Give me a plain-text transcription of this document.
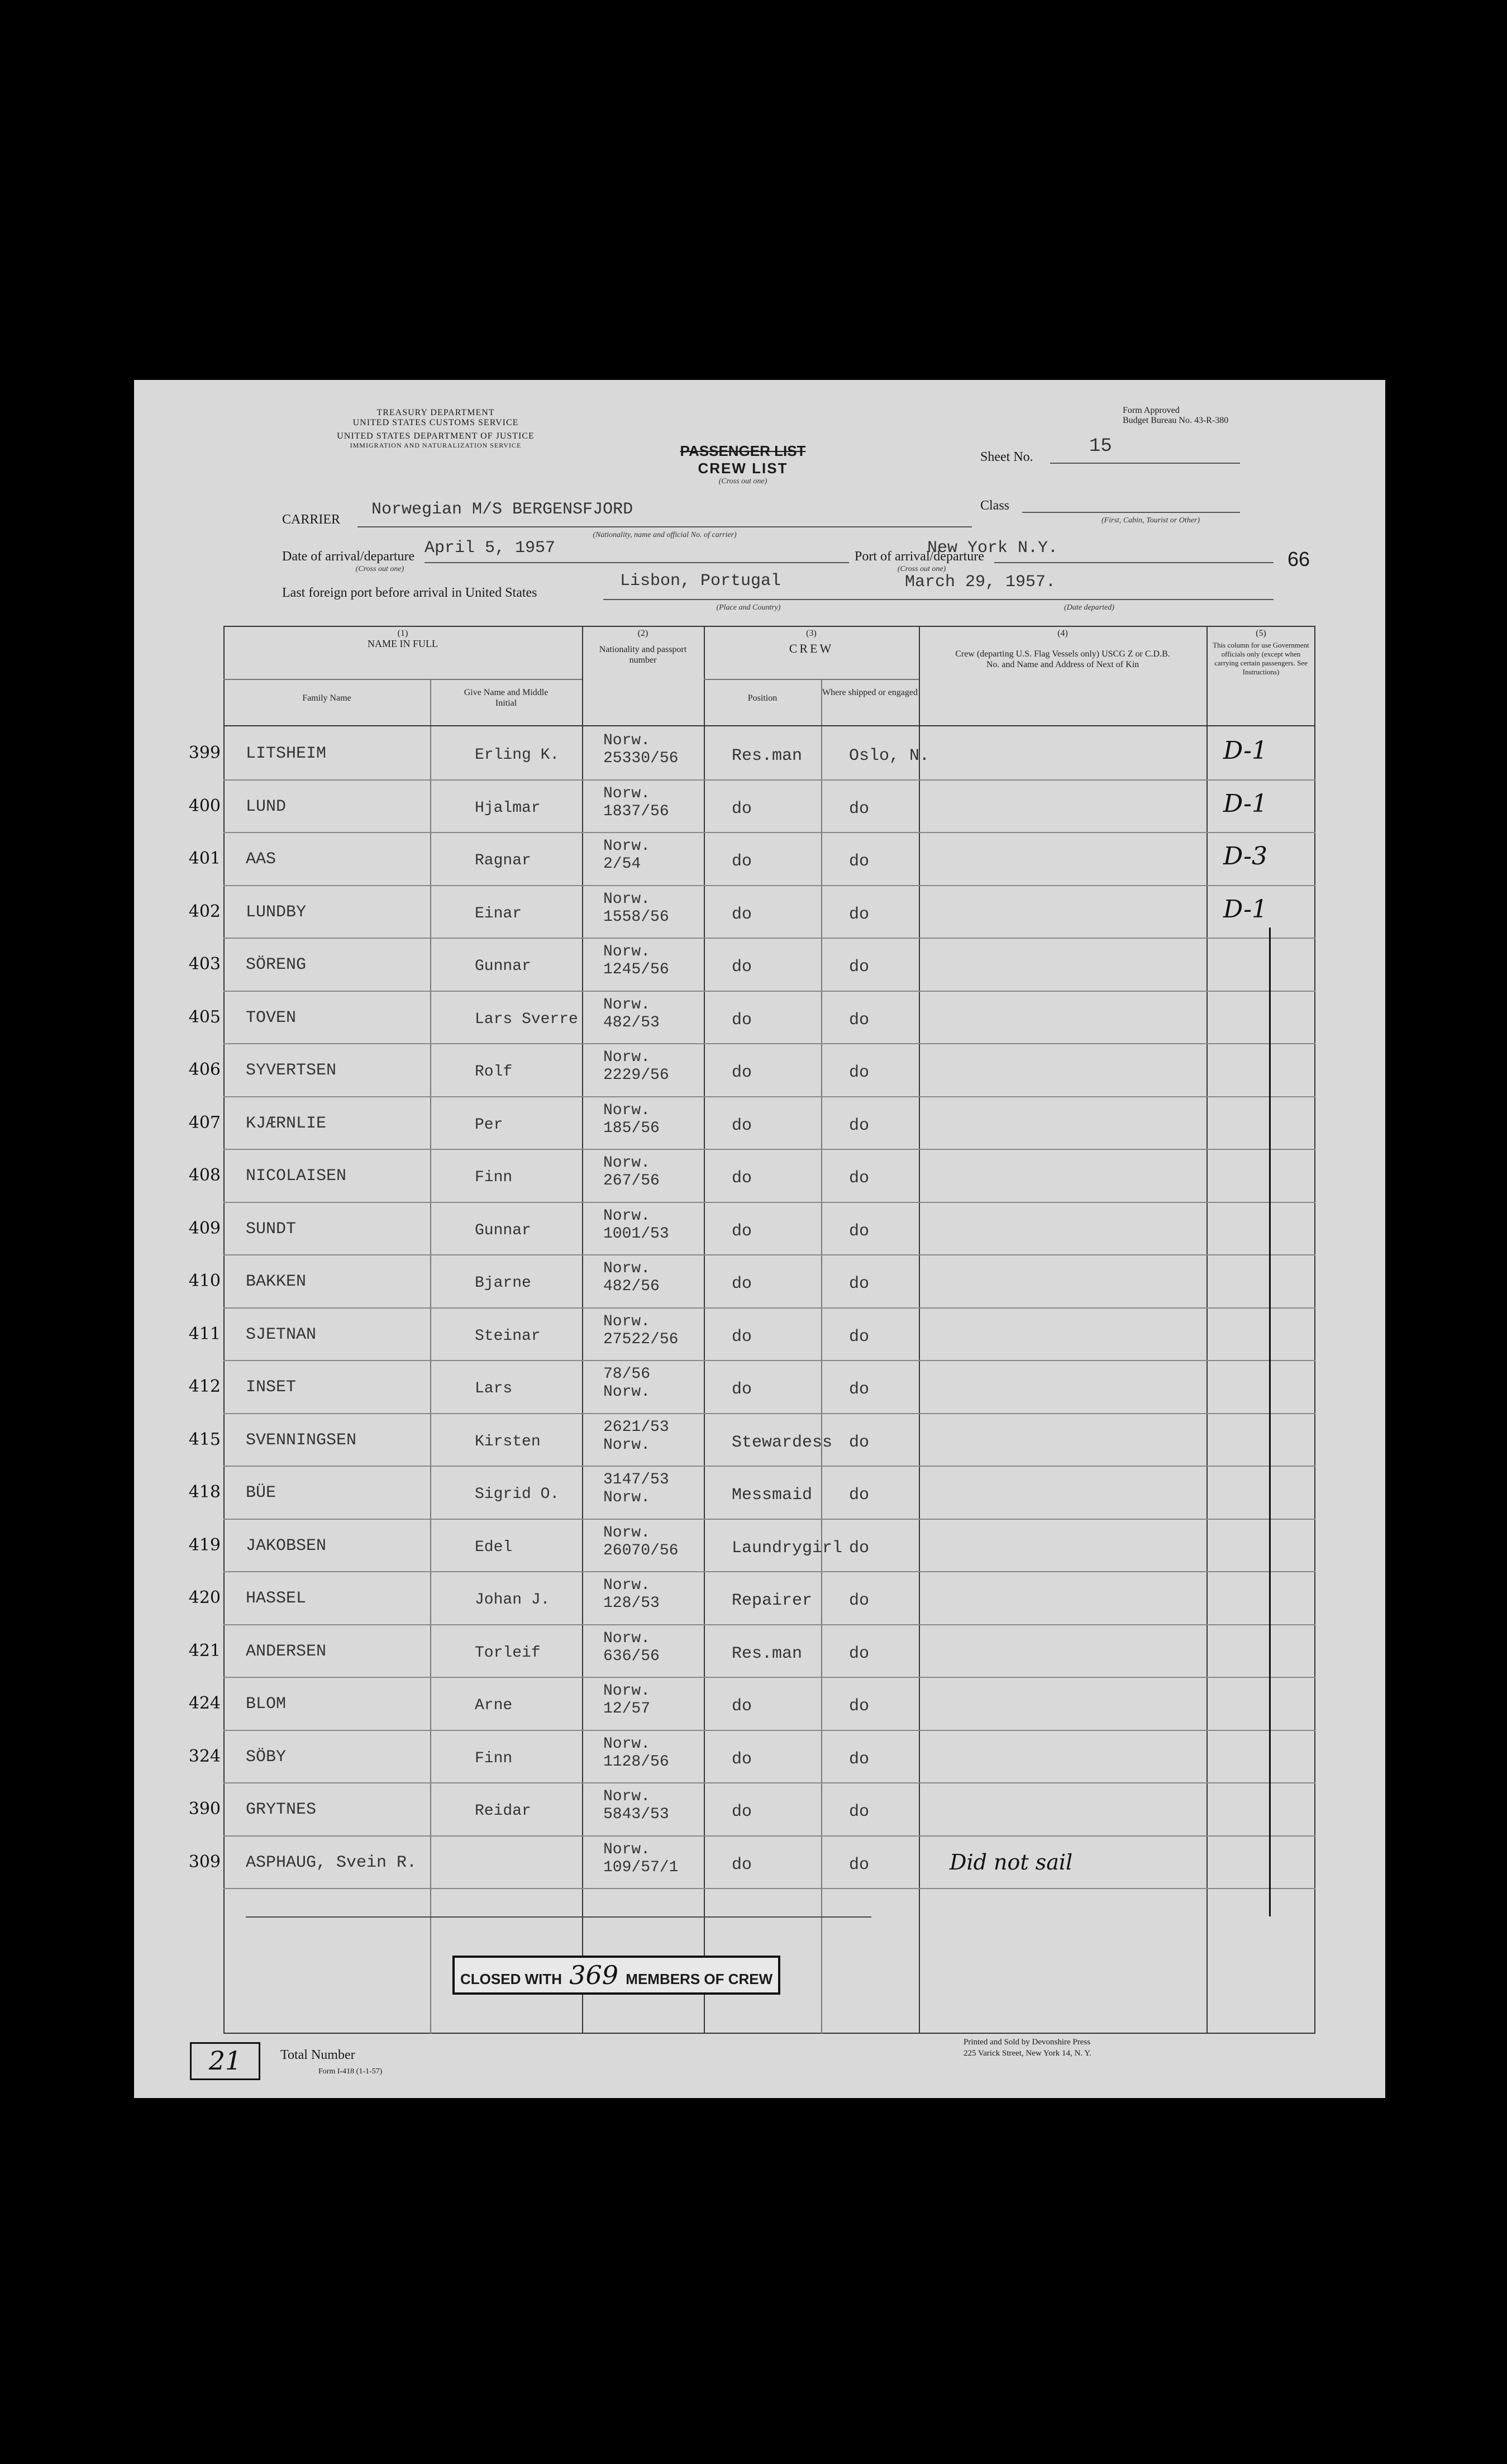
TREASURY DEPARTMENT
UNITED STATES CUSTOMS SERVICE
UNITED STATES DEPARTMENT OF JUSTICE
IMMIGRATION AND NATURALIZATION SERVICE	PASSENGER LIST
CREW LIST
(Cross out one)
Form Approved
Budget Bureau No. 43-R-380
Sheet No.	15
Class
(First, Cabin, Tourist or Other)
CARRIER
Norwegian M/S BERGENSFJORD
(Nationality, name and official No. of carrier)
Date of arrival/departure
(Cross out one)
April 5, 1957	Port of arrival/departure
(Cross out one)
New York N.Y.	66
Last foreign port before arrival in United States
Lisbon, Portugal
(Place and Country)
March 29, 1957.
(Date departed)
(1)
NAME IN FULL
Family Name
Give Name and Middle Initial
(2)
Nationality and passport number
(3)
CREW
Position
Where shipped or engaged
(4)
Crew (departing U.S. Flag Vessels only) USCG Z or C.D.B. No. and Name and Address of Next of Kin
(5)
This column for use Government officials only (except when carrying certain passengers. See Instructions)
399 LITSHEIM	Erling K.
Norw.
25330/56	Res.man	Oslo, N.	D-1
400 LUND	Hjalmar
Norw.
1837/56	do	do	D-1
401 AAS	Ragnar
Norw.
2/54	do	do	D-3
402 LUNDBY	Einar
Norw.
1558/56	do	do	D-1
403 SÖRENG	Gunnar
Norw.
1245/56	do	do
405 TOVEN	Lars Sverre
Norw.
482/53	do	do
406 SYVERTSEN	Rolf
Norw.
2229/56	do	do
407 KJÆRNLIE	Per
Norw.
185/56	do	do
408 NICOLAISEN	Finn
Norw.
267/56	do	do
409 SUNDT	Gunnar
Norw.
1001/53	do	do
410 BAKKEN	Bjarne
Norw.
482/56	do	do
411 SJETNAN	Steinar
Norw.
27522/56	do	do
412 INSET	Lars
78/56
Norw.	do	do
415 SVENNINGSEN	Kirsten
2621/53
Norw.	Stewardess do
418 BÜE	Sigrid O.
3147/53
Norw.	Messmaid do
419 JAKOBSEN	Edel
Norw.
26070/56	Laundrygirl do
420 HASSEL	Johan J.
Norw.
128/53	Repairer do
421 ANDERSEN	Torleif
Norw.
636/56	Res.man	do
424 BLOM	Arne
Norw.
12/57	do	do
324 SÖBY	Finn
Norw.
1128/56	do	do
390 GRYTNES	Reidar
Norw.
5843/53	do	do
309 ASPHAUG, Svein R.
Norw.
109/57/1	do	do	Did not sail
CLOSED WITH 369 MEMBERS OF CREW
21	Total Number
Form I-418 (1-1-57)
Printed and Sold by Devonshire Press
225 Varick Street, New York 14, N. Y.
